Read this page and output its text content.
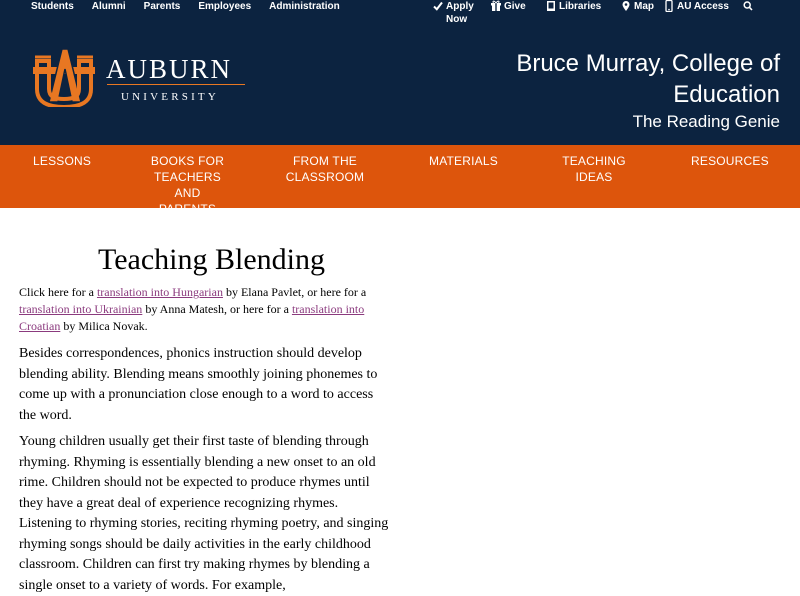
Students Alumni Parents Employees Administration	Apply
Now
Give	Libraries	Map AU Access
AUBURN
UNIVERSITY
Bruce Murray, College of
Education
The Reading Genie
LESSONS	BOOKS FOR
TEACHERS AND
PARENTS
FROM THE
CLASSROOM
MATERIALS	TEACHING
IDEAS
RESOURCES
Teaching Blending

Click here for a translation into Hungarian by Elana Pavlet, or here for a translation into Ukrainian by Anna Matesh, or here for a translation into Croatian by Milica Novak.

Besides correspondences, phonics instruction should develop blending ability. Blending means smoothly joining phonemes to come up with a pronunciation close enough to a word to access the word.

Young children usually get their first taste of blending through rhyming. Rhyming is essentially blending a new onset to an old rime. Children should not be expected to produce rhymes until they have a great deal of experience recognizing rhymes. Listening to rhyming stories, reciting rhyming poetry, and singing rhyming songs should be daily activities in the early childhood classroom. Children can first try making rhymes by blending a single onset to a variety of words. For example,
